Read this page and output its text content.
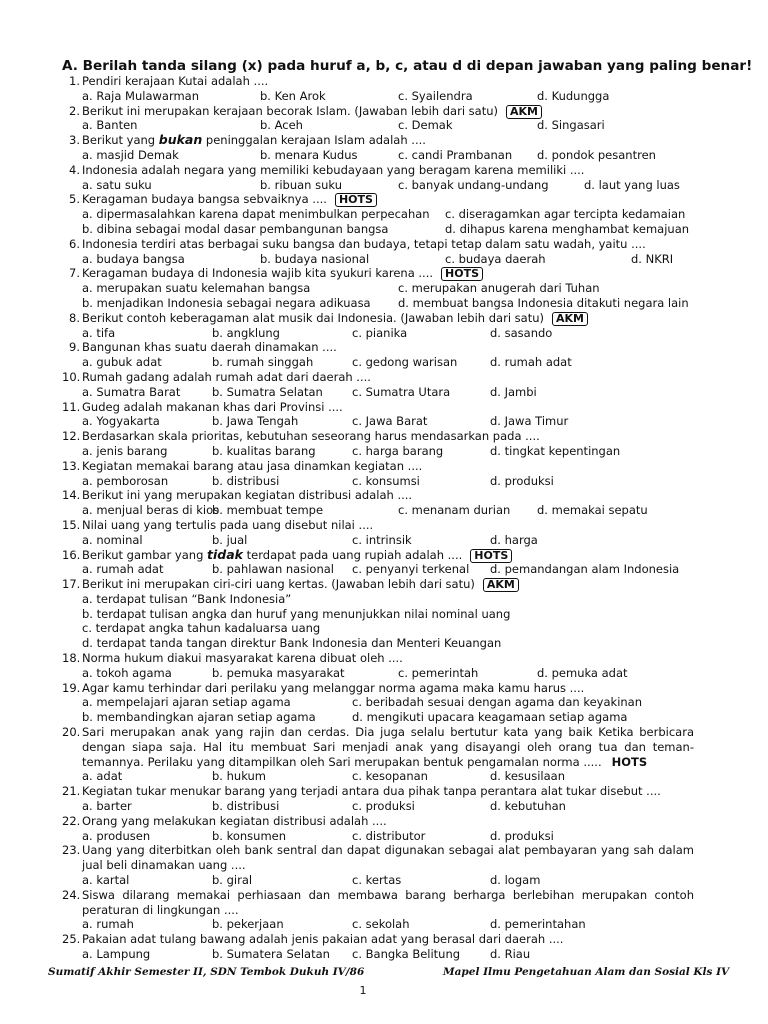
A. Berilah tanda silang (x) pada huruf a, b, c, atau d di depan jawaban yang paling benar!
1. Pendiri kerajaan Kutai adalah ....
a. Raja Mulawarman	b. Ken Arok	c. Syailendra	d. Kudungga
2. Berikut ini merupakan kerajaan becorak Islam. (Jawaban lebih dari satu) AKM
a. Banten	b. Aceh	c. Demak	d. Singasari
3. Berikut yang bukan peninggalan kerajaan Islam adalah ....
a. masjid Demak	b. menara Kudus	c. candi Prambanan d. pondok pesantren
4. Indonesia adalah negara yang memiliki kebudayaan yang beragam karena memiliki ....
a. satu suku	b. ribuan suku	c. banyak undang-undang	d. laut yang luas
5. Keragaman budaya bangsa sebvaiknya .... HOTS
a. dipermasalahkan karena dapat menimbulkan perpecahan c. diseragamkan agar tercipta kedamaian
b. dibina sebagai modal dasar pembangunan bangsa	d. dihapus karena menghambat kemajuan
6. Indonesia terdiri atas berbagai suku bangsa dan budaya, tetapi tetap dalam satu wadah, yaitu ....
a. budaya bangsa	b. budaya nasional	c. budaya daerah	d. NKRI
7. Keragaman budaya di Indonesia wajib kita syukuri karena .... HOTS
a. merupakan suatu kelemahan bangsa	c. merupakan anugerah dari Tuhan
b. menjadikan Indonesia sebagai negara adikuasa d. membuat bangsa Indonesia ditakuti negara lain
8. Berikut contoh keberagaman alat musik dai Indonesia. (Jawaban lebih dari satu) AKM
a. tifa	b. angklung	c. pianika	d. sasando
9. Bangunan khas suatu daerah dinamakan ....
a. gubuk adat	b. rumah singgah	c. gedong warisan	d. rumah adat
10. Rumah gadang adalah rumah adat dari daerah ....
a. Sumatra Barat	b. Sumatra Selatan	c. Sumatra Utara	d. Jambi
11. Gudeg adalah makanan khas dari Provinsi ....
a. Yogyakarta	b. Jawa Tengah	c. Jawa Barat	d. Jawa Timur
12. Berdasarkan skala prioritas, kebutuhan seseorang harus mendasarkan pada ....
a. jenis barang	b. kualitas barang	c. harga barang	d. tingkat kepentingan
13. Kegiatan memakai barang atau jasa dinamkan kegiatan ....
a. pemborosan	b. distribusi	c. konsumsi	d. produksi
14. Berikut ini yang merupakan kegiatan distribusi adalah ....
a. menjual beras di kios
b. membuat tempe	c. menanam durian d. memakai sepatu
15. Nilai uang yang tertulis pada uang disebut nilai ....
a. nominal	b. jual	c. intrinsik	d. harga
16. Berikut gambar yang tidak terdapat pada uang rupiah adalah .... HOTS
a. rumah adat	b. pahlawan nasional c. penyanyi terkenal d. pemandangan alam Indonesia
17. Berikut ini merupakan ciri-ciri uang kertas. (Jawaban lebih dari satu) AKM
a. terdapat tulisan “Bank Indonesia”
b. terdapat tulisan angka dan huruf yang menunjukkan nilai nominal uang
c. terdapat angka tahun kadaluarsa uang
d. terdapat tanda tangan direktur Bank Indonesia dan Menteri Keuangan
18. Norma hukum diakui masyarakat karena dibuat oleh ....
a. tokoh agama	b. pemuka masyarakat	c. pemerintah	d. pemuka adat
19. Agar kamu terhindar dari perilaku yang melanggar norma agama maka kamu harus ....
a. mempelajari ajaran setiap agama	c. beribadah sesuai dengan agama dan keyakinan
b. membandingkan ajaran setiap agama	d. mengikuti upacara keagamaan setiap agama
20. Sari merupakan anak yang rajin dan cerdas. Dia juga selalu bertutur kata yang baik Ketika berbicara
dengan siapa saja. Hal itu membuat Sari menjadi anak yang disayangi oleh orang tua dan teman-
temannya. Perilaku yang ditampilkan oleh Sari merupakan bentuk pengamalan norma ..... HOTS
a. adat	b. hukum	c. kesopanan	d. kesusilaan
21. Kegiatan tukar menukar barang yang terjadi antara dua pihak tanpa perantara alat tukar disebut ....
a. barter	b. distribusi	c. produksi	d. kebutuhan
22. Orang yang melakukan kegiatan distribusi adalah ....
a. produsen	b. konsumen	c. distributor	d. produksi
23. Uang yang diterbitkan oleh bank sentral dan dapat digunakan sebagai alat pembayaran yang sah dalam
jual beli dinamakan uang ....
a. kartal	b. giral	c. kertas	d. logam
24. Siswa dilarang memakai perhiasaan dan membawa barang berharga berlebihan merupakan contoh
peraturan di lingkungan ....
a. rumah	b. pekerjaan	c. sekolah	d. pemerintahan
25. Pakaian adat tulang bawang adalah jenis pakaian adat yang berasal dari daerah ....
a. Lampung	b. Sumatera Selatan c. Bangka Belitung	d. Riau
Sumatif Akhir Semester II, SDN Tembok Dukuh IV/86	Mapel Ilmu Pengetahuan Alam dan Sosial Kls IV
1
